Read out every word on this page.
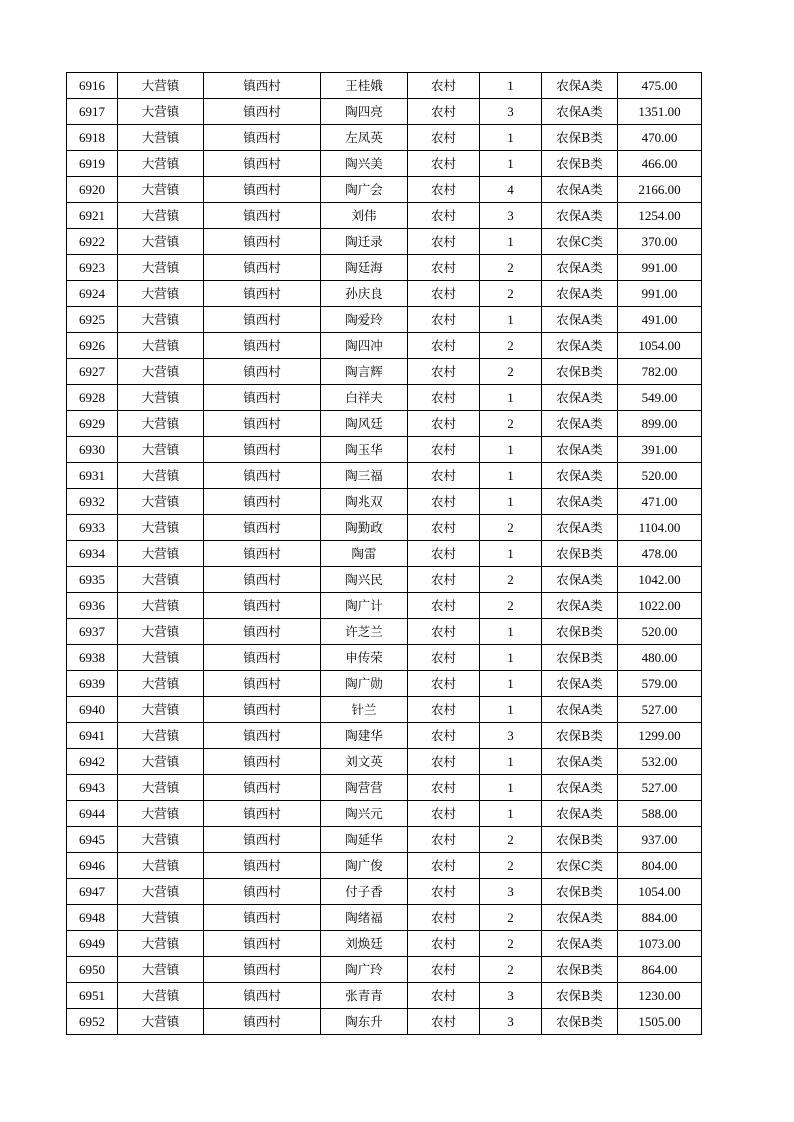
6916	大营镇	镇西村	王桂娥	农村	1	农保A类	475.00
6917	大营镇	镇西村	陶四亮	农村	3	农保A类	1351.00
6918	大营镇	镇西村	左凤英	农村	1	农保B类	470.00
6919	大营镇	镇西村	陶兴美	农村	1	农保B类	466.00
6920	大营镇	镇西村	陶广会	农村	4	农保A类	2166.00
6921	大营镇	镇西村	刘伟	农村	3	农保A类	1254.00
6922	大营镇	镇西村	陶迁录	农村	1	农保C类	370.00
6923	大营镇	镇西村	陶廷海	农村	2	农保A类	991.00
6924	大营镇	镇西村	孙庆良	农村	2	农保A类	991.00
6925	大营镇	镇西村	陶爱玲	农村	1	农保A类	491.00
6926	大营镇	镇西村	陶四冲	农村	2	农保A类	1054.00
6927	大营镇	镇西村	陶言辉	农村	2	农保B类	782.00
6928	大营镇	镇西村	白祥夫	农村	1	农保A类	549.00
6929	大营镇	镇西村	陶风廷	农村	2	农保A类	899.00
6930	大营镇	镇西村	陶玉华	农村	1	农保A类	391.00
6931	大营镇	镇西村	陶三福	农村	1	农保A类	520.00
6932	大营镇	镇西村	陶兆双	农村	1	农保A类	471.00
6933	大营镇	镇西村	陶勤政	农村	2	农保A类	1104.00
6934	大营镇	镇西村	陶雷	农村	1	农保B类	478.00
6935	大营镇	镇西村	陶兴民	农村	2	农保A类	1042.00
6936	大营镇	镇西村	陶广计	农村	2	农保A类	1022.00
6937	大营镇	镇西村	许芝兰	农村	1	农保B类	520.00
6938	大营镇	镇西村	申传荣	农村	1	农保B类	480.00
6939	大营镇	镇西村	陶广勋	农村	1	农保A类	579.00
6940	大营镇	镇西村	针兰	农村	1	农保A类	527.00
6941	大营镇	镇西村	陶建华	农村	3	农保B类	1299.00
6942	大营镇	镇西村	刘文英	农村	1	农保A类	532.00
6943	大营镇	镇西村	陶营营	农村	1	农保A类	527.00
6944	大营镇	镇西村	陶兴元	农村	1	农保A类	588.00
6945	大营镇	镇西村	陶延华	农村	2	农保B类	937.00
6946	大营镇	镇西村	陶广俊	农村	2	农保C类	804.00
6947	大营镇	镇西村	付子香	农村	3	农保B类	1054.00
6948	大营镇	镇西村	陶绪福	农村	2	农保A类	884.00
6949	大营镇	镇西村	刘焕廷	农村	2	农保A类	1073.00
6950	大营镇	镇西村	陶广玲	农村	2	农保B类	864.00
6951	大营镇	镇西村	张青青	农村	3	农保B类	1230.00
6952	大营镇	镇西村	陶东升	农村	3	农保B类	1505.00
